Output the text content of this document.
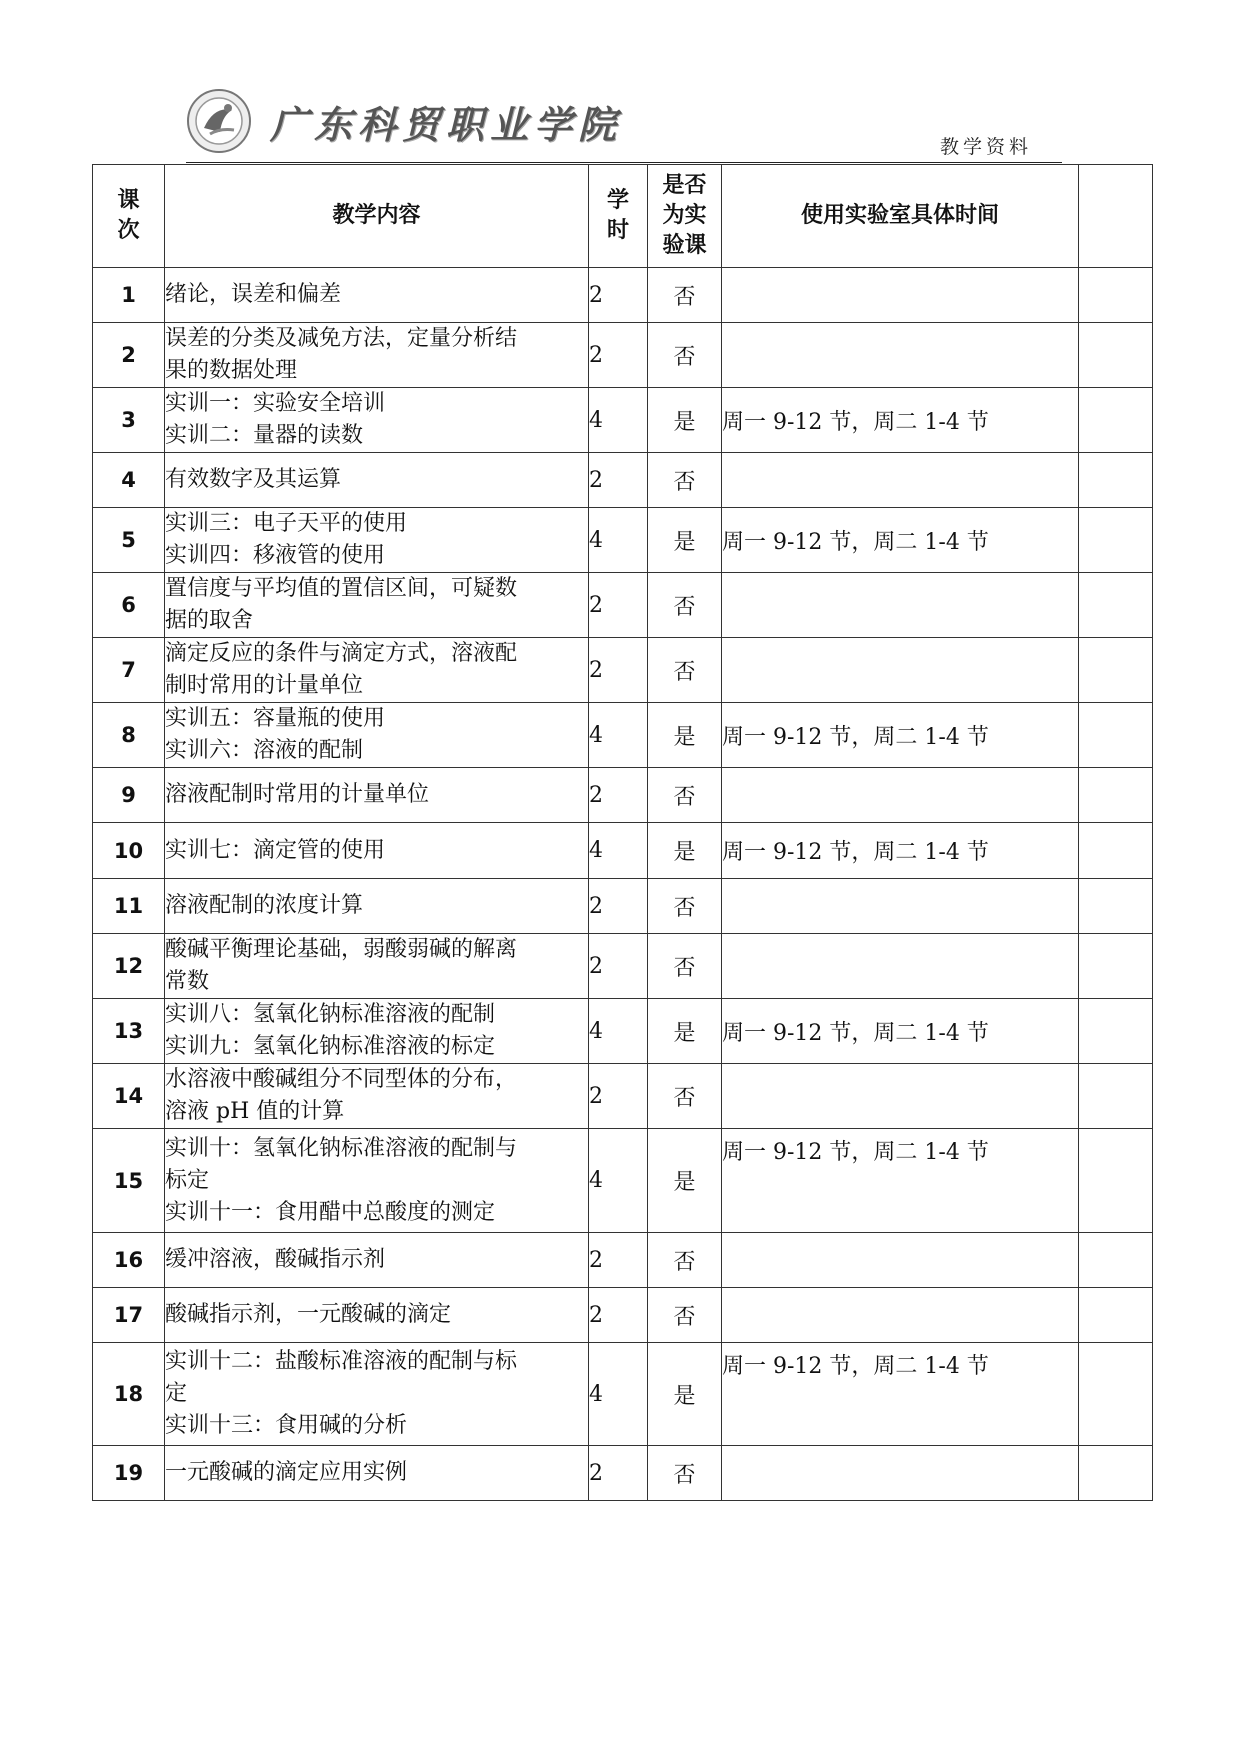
广东科贸职业学院	教学资料
课
次	教学内容	学
时	是否
为实
验课	使用实验室具体时间	
1	绪论，误差和偏差	2	否		
2	误差的分类及减免方法，定量分析结
果的数据处理	2	否		
3	实训一：实验安全培训
实训二：量器的读数	4	是	周一 9-12 节，周二 1-4 节	
4	有效数字及其运算	2	否		
5	实训三：电子天平的使用
实训四：移液管的使用	4	是	周一 9-12 节，周二 1-4 节	
6	置信度与平均值的置信区间，可疑数
据的取舍	2	否		
7	滴定反应的条件与滴定方式，溶液配
制时常用的计量单位	2	否		
8	实训五：容量瓶的使用
实训六：溶液的配制	4	是	周一 9-12 节，周二 1-4 节	
9	溶液配制时常用的计量单位	2	否		
10	实训七：滴定管的使用	4	是	周一 9-12 节，周二 1-4 节	
11	溶液配制的浓度计算	2	否		
12	酸碱平衡理论基础，弱酸弱碱的解离
常数	2	否		
13	实训八：氢氧化钠标准溶液的配制
实训九：氢氧化钠标准溶液的标定	4	是	周一 9-12 节，周二 1-4 节	
14	水溶液中酸碱组分不同型体的分布，
溶液 pH 值的计算	2	否		
15	实训十：氢氧化钠标准溶液的配制与
标定
实训十一：食用醋中总酸度的测定	4	是	周一 9-12 节，周二 1-4 节	
16	缓冲溶液，酸碱指示剂	2	否		
17	酸碱指示剂，一元酸碱的滴定	2	否		
18	实训十二：盐酸标准溶液的配制与标
定
实训十三：食用碱的分析	4	是	周一 9-12 节，周二 1-4 节	
19	一元酸碱的滴定应用实例	2	否		
